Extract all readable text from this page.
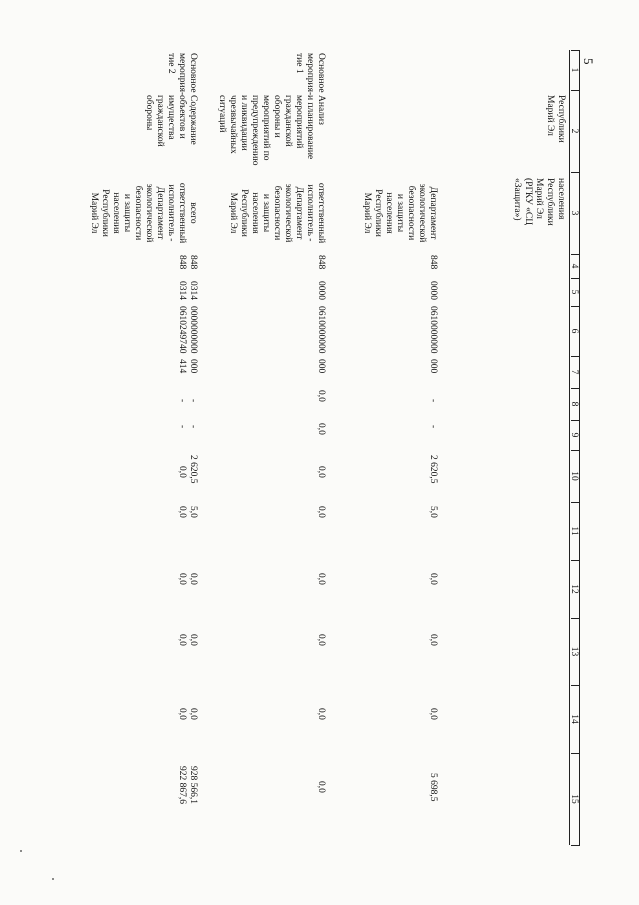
5
1
2
3
4
5
6
7
8
9
10
11
12
13
14
15
Республики
Марий Эл
населения
Республики
Марий Эл
(РГКУ «СЦ
«Защита»)
Департамент
экологической
безопасности
и защиты
населения
Республики
Марий Эл
848
0000
0610000000
000
-
-
2 620,5
5,0
0,0
0,0
0,0
5 698,5
Основное
мероприя-
тие 1
Анализ
и планирование
мероприятий
гражданской
обороны и
мероприятий по
предупреждению
и ликвидации
чрезвычайных
ситуаций
ответственный
исполнитель -
Департамент
экологической
безопасности
и защиты
населения
Республики
Марий Эл
848
0000
0610000000
000
0,0
0,0
0,0
0,0
0,0
0,0
0,0
0,0
Основное
мероприя-
тие 2
Содержание
объектов и
имущества
гражданской
обороны
всего
ответственный
исполнитель -
Департамент
экологической
безопасности
и защиты
населения
Республики
Марий Эл
848
0314
0000000000
000
-
-
2 620,5
5,0
0,0
0,0
0,0
928 566,1
848
0314
0610249740
414
-
-
0,0
0,0
0,0
0,0
0,0
922 867,6
